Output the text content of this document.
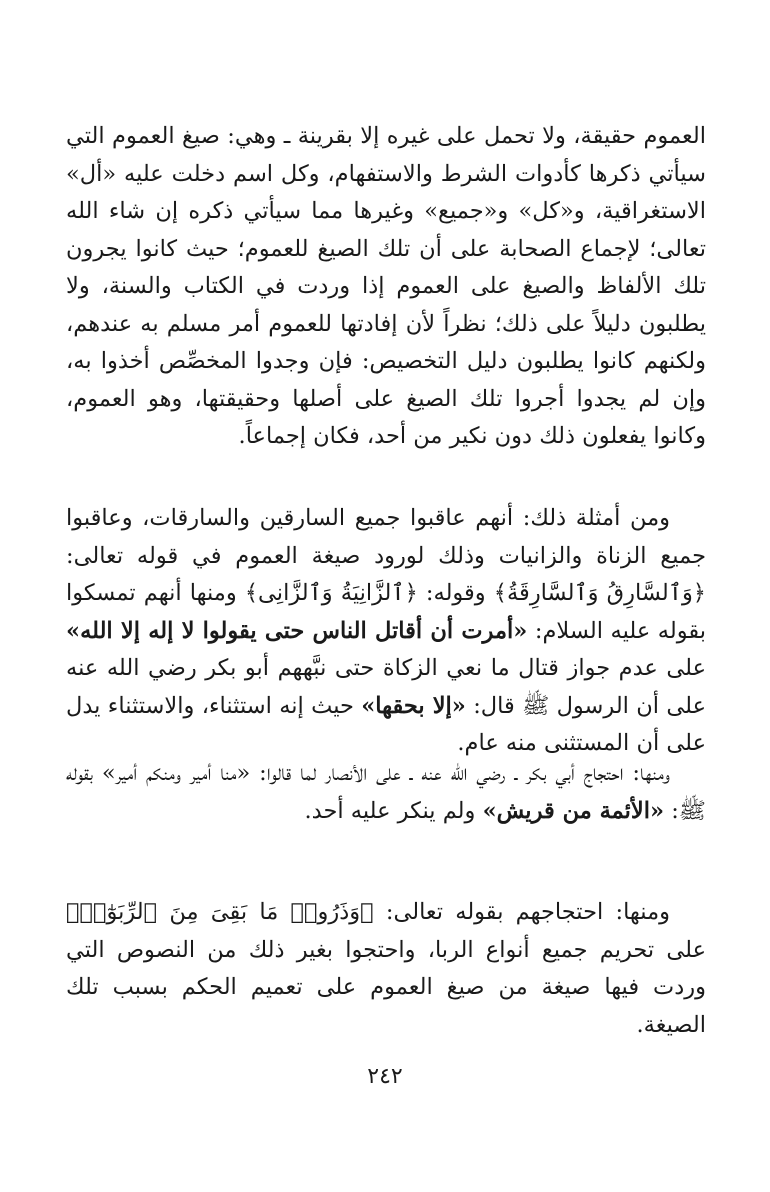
العموم حقيقة، ولا تحمل على غيره إلا بقرينة ـ وهي: صيغ العموم التي سيأتي ذكرها كأدوات الشرط والاستفهام، وكل اسم دخلت عليه «أل» الاستغراقية، و«كل» و«جميع» وغيرها مما سيأتي ذكره إن شاء الله تعالى؛ لإجماع الصحابة على أن تلك الصيغ للعموم؛ حيث كانوا يجرون تلك الألفاظ والصيغ على العموم إذا وردت في الكتاب والسنة، ولا يطلبون دليلاً على ذلك؛ نظراً لأن إفادتها للعموم أمر مسلم به عندهم، ولكنهم كانوا يطلبون دليل التخصيص: فإن وجدوا المخصِّص أخذوا به، وإن لم يجدوا أجروا تلك الصيغ على أصلها وحقيقتها، وهو العموم، وكانوا يفعلون ذلك دون نكير من أحد، فكان إجماعاً.

ومن أمثلة ذلك: أنهم عاقبوا جميع السارقين والسارقات، وعاقبوا جميع الزناة والزانيات وذلك لورود صيغة العموم في قوله تعالى: ﴿وَٱلسَّارِقُ وَٱلسَّارِقَةُ﴾ وقوله: ﴿ٱلزَّانِيَةُ وَٱلزَّانِى﴾ ومنها أنهم تمسكوا بقوله عليه السلام: «أمرت أن أقاتل الناس حتى يقولوا لا إله إلا الله» على عدم جواز قتال ما نعي الزكاة حتى نبَّههم أبو بكر رضي الله عنه على أن الرسول ﷺ قال: «إلا بحقها» حيث إنه استثناء، والاستثناء يدل على أن المستثنى منه عام.

ومنها: احتجاج أبي بكر ـ رضي الله عنه ـ على الأنصار لما قالوا: «منا أمير ومنكم أمير» بقوله ﷺ: «الأئمة من قريش» ولم ينكر عليه أحد.

ومنها: احتجاجهم بقوله تعالى: ﴿وَذَرُوا۟ مَا بَقِىَ مِنَ ٱلرِّبَوٰٓا۟﴾ على تحريم جميع أنواع الربا، واحتجوا بغير ذلك من النصوص التي وردت فيها صيغة من صيغ العموم على تعميم الحكم بسبب تلك الصيغة.

٢٤٢
